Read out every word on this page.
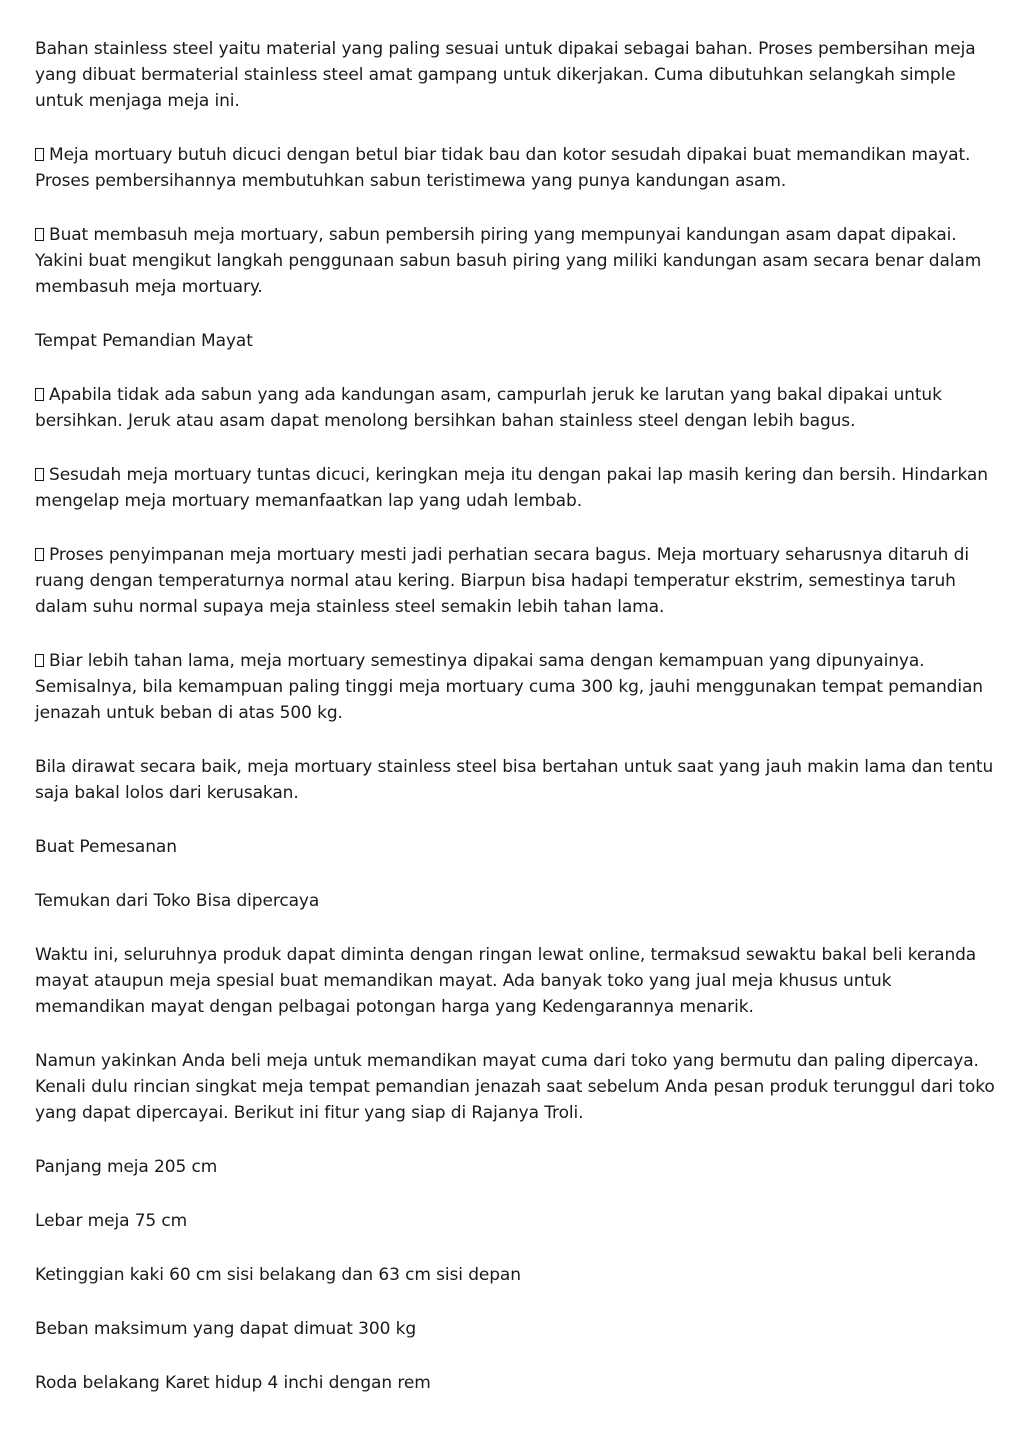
Bahan stainless steel yaitu material yang paling sesuai untuk dipakai sebagai bahan. Proses pembersihan meja yang dibuat bermaterial stainless steel amat gampang untuk dikerjakan. Cuma dibutuhkan selangkah simple untuk menjaga meja ini.

Meja mortuary butuh dicuci dengan betul biar tidak bau dan kotor sesudah dipakai buat memandikan mayat. Proses pembersihannya membutuhkan sabun teristimewa yang punya kandungan asam.

Buat membasuh meja mortuary, sabun pembersih piring yang mempunyai kandungan asam dapat dipakai. Yakini buat mengikut langkah penggunaan sabun basuh piring yang miliki kandungan asam secara benar dalam membasuh meja mortuary.

Tempat Pemandian Mayat

Apabila tidak ada sabun yang ada kandungan asam, campurlah jeruk ke larutan yang bakal dipakai untuk bersihkan. Jeruk atau asam dapat menolong bersihkan bahan stainless steel dengan lebih bagus.

Sesudah meja mortuary tuntas dicuci, keringkan meja itu dengan pakai lap masih kering dan bersih. Hindarkan mengelap meja mortuary memanfaatkan lap yang udah lembab.

Proses penyimpanan meja mortuary mesti jadi perhatian secara bagus. Meja mortuary seharusnya ditaruh di ruang dengan temperaturnya normal atau kering. Biarpun bisa hadapi temperatur ekstrim, semestinya taruh dalam suhu normal supaya meja stainless steel semakin lebih tahan lama.

Biar lebih tahan lama, meja mortuary semestinya dipakai sama dengan kemampuan yang dipunyainya. Semisalnya, bila kemampuan paling tinggi meja mortuary cuma 300 kg, jauhi menggunakan tempat pemandian jenazah untuk beban di atas 500 kg.

Bila dirawat secara baik, meja mortuary stainless steel bisa bertahan untuk saat yang jauh makin lama dan tentu saja bakal lolos dari kerusakan.

Buat Pemesanan

Temukan dari Toko Bisa dipercaya

Waktu ini, seluruhnya produk dapat diminta dengan ringan lewat online, termaksud sewaktu bakal beli keranda mayat ataupun meja spesial buat memandikan mayat. Ada banyak toko yang jual meja khusus untuk memandikan mayat dengan pelbagai potongan harga yang Kedengarannya menarik.

Namun yakinkan Anda beli meja untuk memandikan mayat cuma dari toko yang bermutu dan paling dipercaya. Kenali dulu rincian singkat meja tempat pemandian jenazah saat sebelum Anda pesan produk terunggul dari toko yang dapat dipercayai. Berikut ini fitur yang siap di Rajanya Troli.

Panjang meja 205 cm

Lebar meja 75 cm

Ketinggian kaki 60 cm sisi belakang dan 63 cm sisi depan

Beban maksimum yang dapat dimuat 300 kg

Roda belakang Karet hidup 4 inchi dengan rem
